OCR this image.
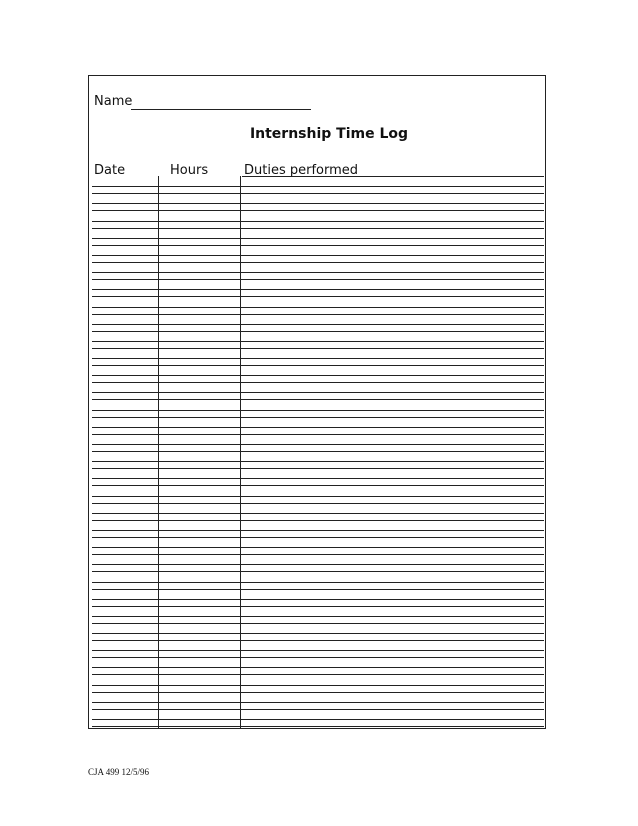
Name
Internship Time Log
Date	Hours	Duties performed
CJA 499 12/5/96
